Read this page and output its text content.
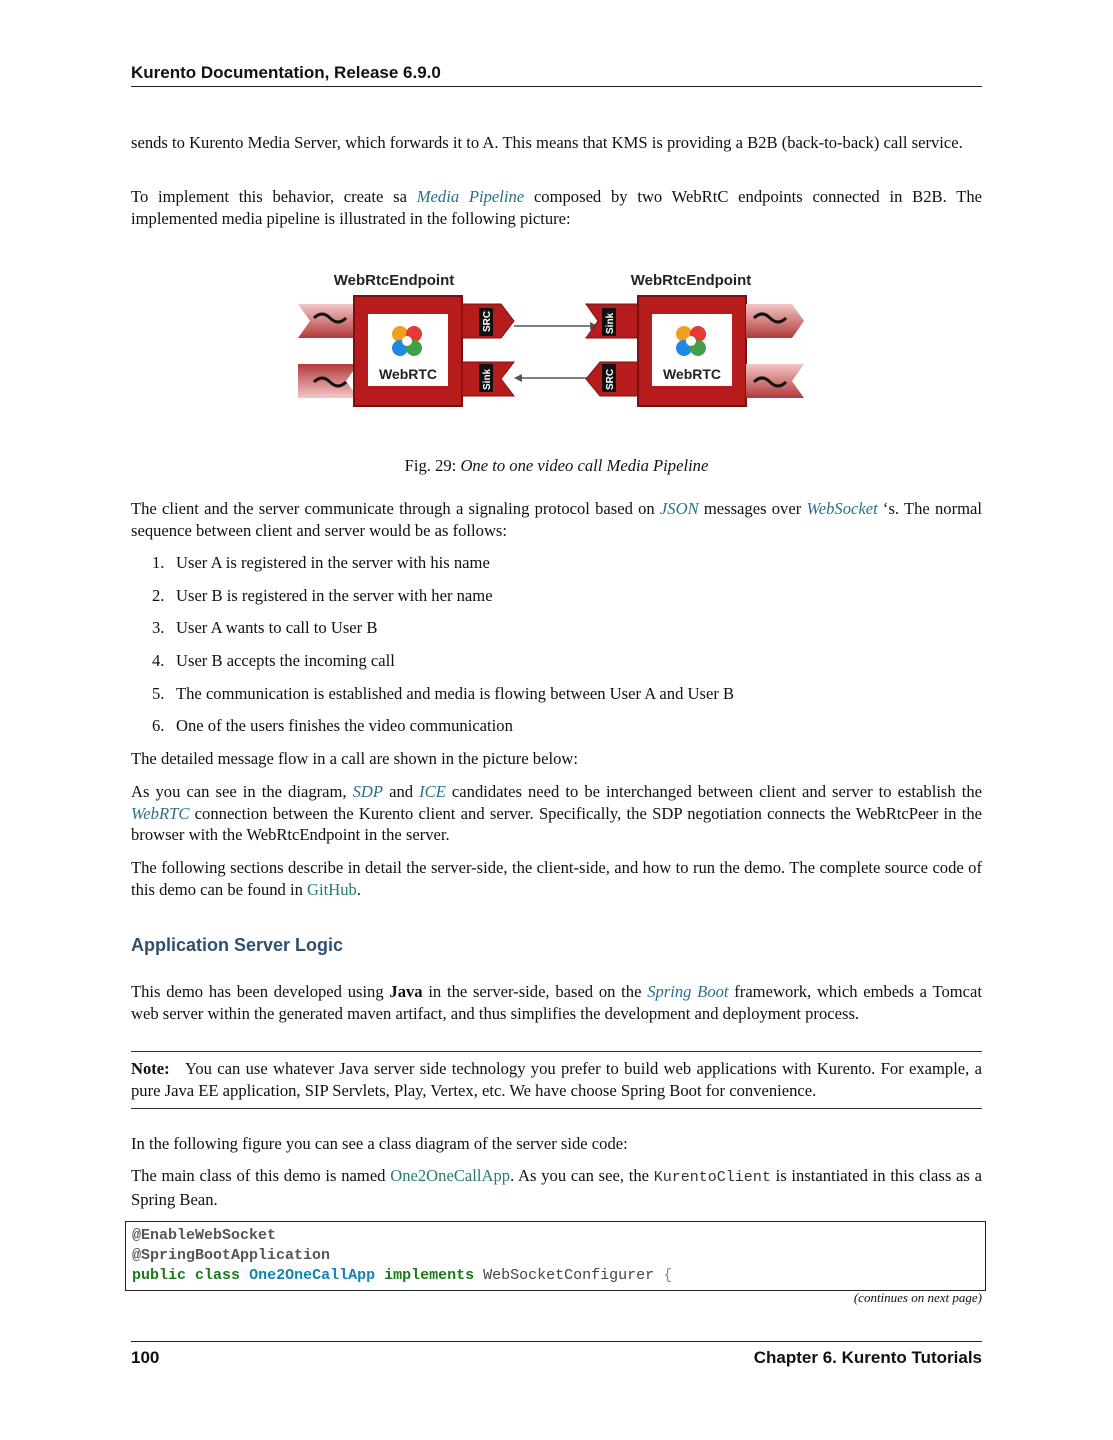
Kurento Documentation, Release 6.9.0

sends to Kurento Media Server, which forwards it to A. This means that KMS is providing a B2B (back-to-back) call service.

To implement this behavior, create sa Media Pipeline composed by two WebRtC endpoints connected in B2B. The implemented media pipeline is illustrated in the following picture:

WebRtcEndpoint
WebRTC
SRC
Sink
WebRtcEndpoint
Sink
SRC	WebRTC
Fig. 29: One to one video call Media Pipeline

The client and the server communicate through a signaling protocol based on JSON messages over WebSocket ‘s. The normal sequence between client and server would be as follows:

1. User A is registered in the server with his name
2. User B is registered in the server with her name
3. User A wants to call to User B
4. User B accepts the incoming call
5. The communication is established and media is flowing between User A and User B
6. One of the users finishes the video communication

The detailed message flow in a call are shown in the picture below:

As you can see in the diagram, SDP and ICE candidates need to be interchanged between client and server to establish the WebRTC connection between the Kurento client and server. Specifically, the SDP negotiation connects the WebRtcPeer in the browser with the WebRtcEndpoint in the server.

The following sections describe in detail the server-side, the client-side, and how to run the demo. The complete source code of this demo can be found in GitHub.

Application Server Logic

This demo has been developed using Java in the server-side, based on the Spring Boot framework, which embeds a Tomcat web server within the generated maven artifact, and thus simplifies the development and deployment process.

Note: You can use whatever Java server side technology you prefer to build web applications with Kurento. For example, a pure Java EE application, SIP Servlets, Play, Vertex, etc. We have choose Spring Boot for convenience.

In the following figure you can see a class diagram of the server side code:

The main class of this demo is named One2OneCallApp. As you can see, the KurentoClient is instantiated in this class as a Spring Bean.

@EnableWebSocket
@SpringBootApplication
public class One2OneCallApp implements WebSocketConfigurer {
(continues on next page)
100	Chapter 6. Kurento Tutorials
